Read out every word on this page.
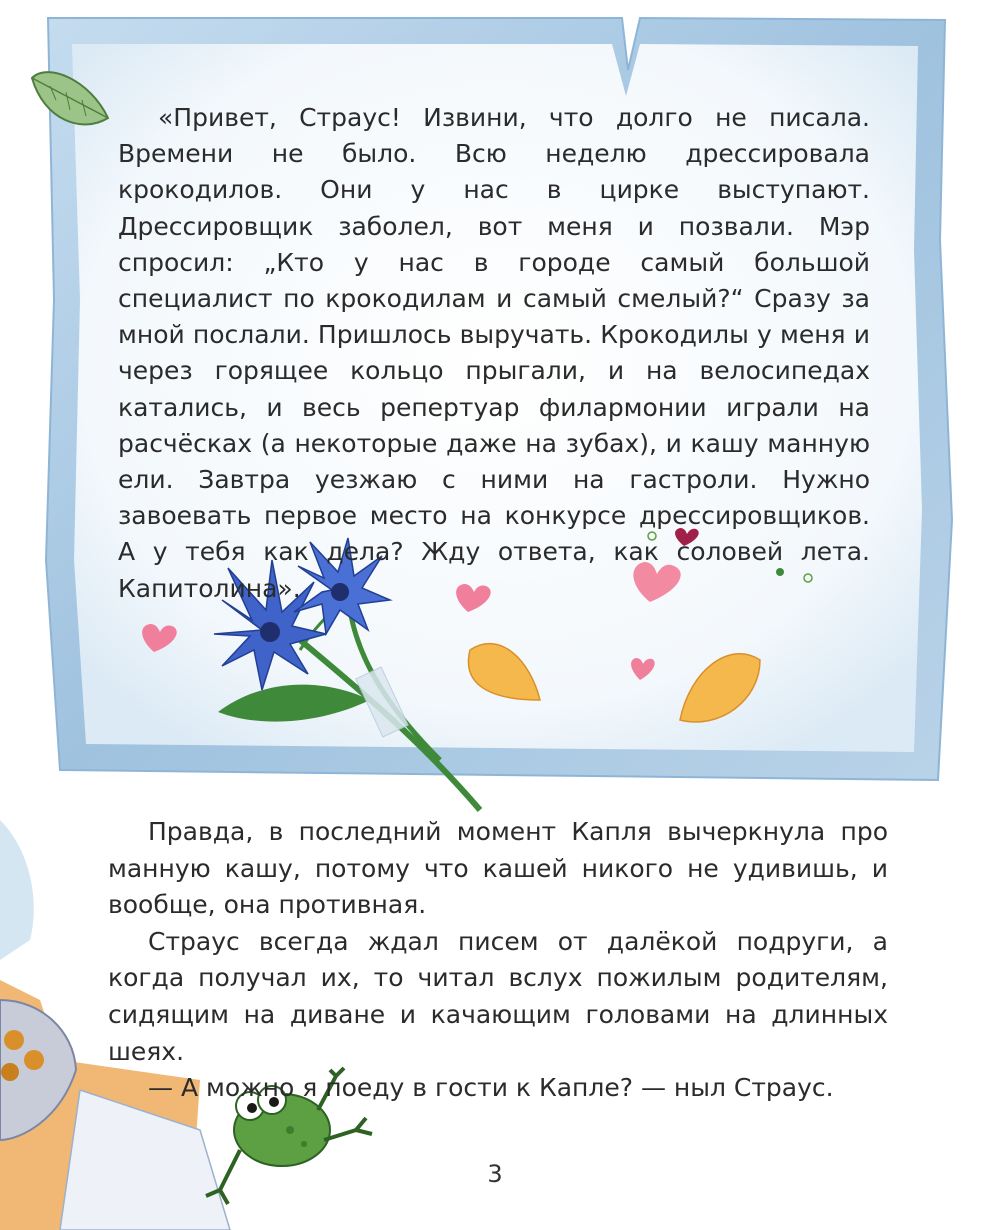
«Привет, Страус! Извини, что долго не писала. Времени не было. Всю неделю дрессировала крокодилов. Они у нас в цирке выступают. Дрессировщик заболел, вот меня и позвали. Мэр спросил: „Кто у нас в городе самый большой специалист по крокодилам и самый смелый?“ Сразу за мной послали. Пришлось выручать. Крокодилы у меня и через горящее кольцо прыгали, и на велосипедах катались, и весь репертуар филармонии играли на расчёсках (а некоторые даже на зубах), и кашу манную ели. Завтра уезжаю с ними на гастроли. Нужно завоевать первое место на конкурсе дрессировщиков. А у тебя как дела? Жду ответа, как соловей лета. Капитолина».

Правда, в последний момент Капля вычеркнула про манную кашу, потому что кашей никого не удивишь, и вообще, она противная.

Страус всегда ждал писем от далёкой подруги, а когда получал их, то читал вслух пожилым родителям, сидящим на диване и качающим головами на длинных шеях.

— А можно я поеду в гости к Капле? — ныл Страус.

3
